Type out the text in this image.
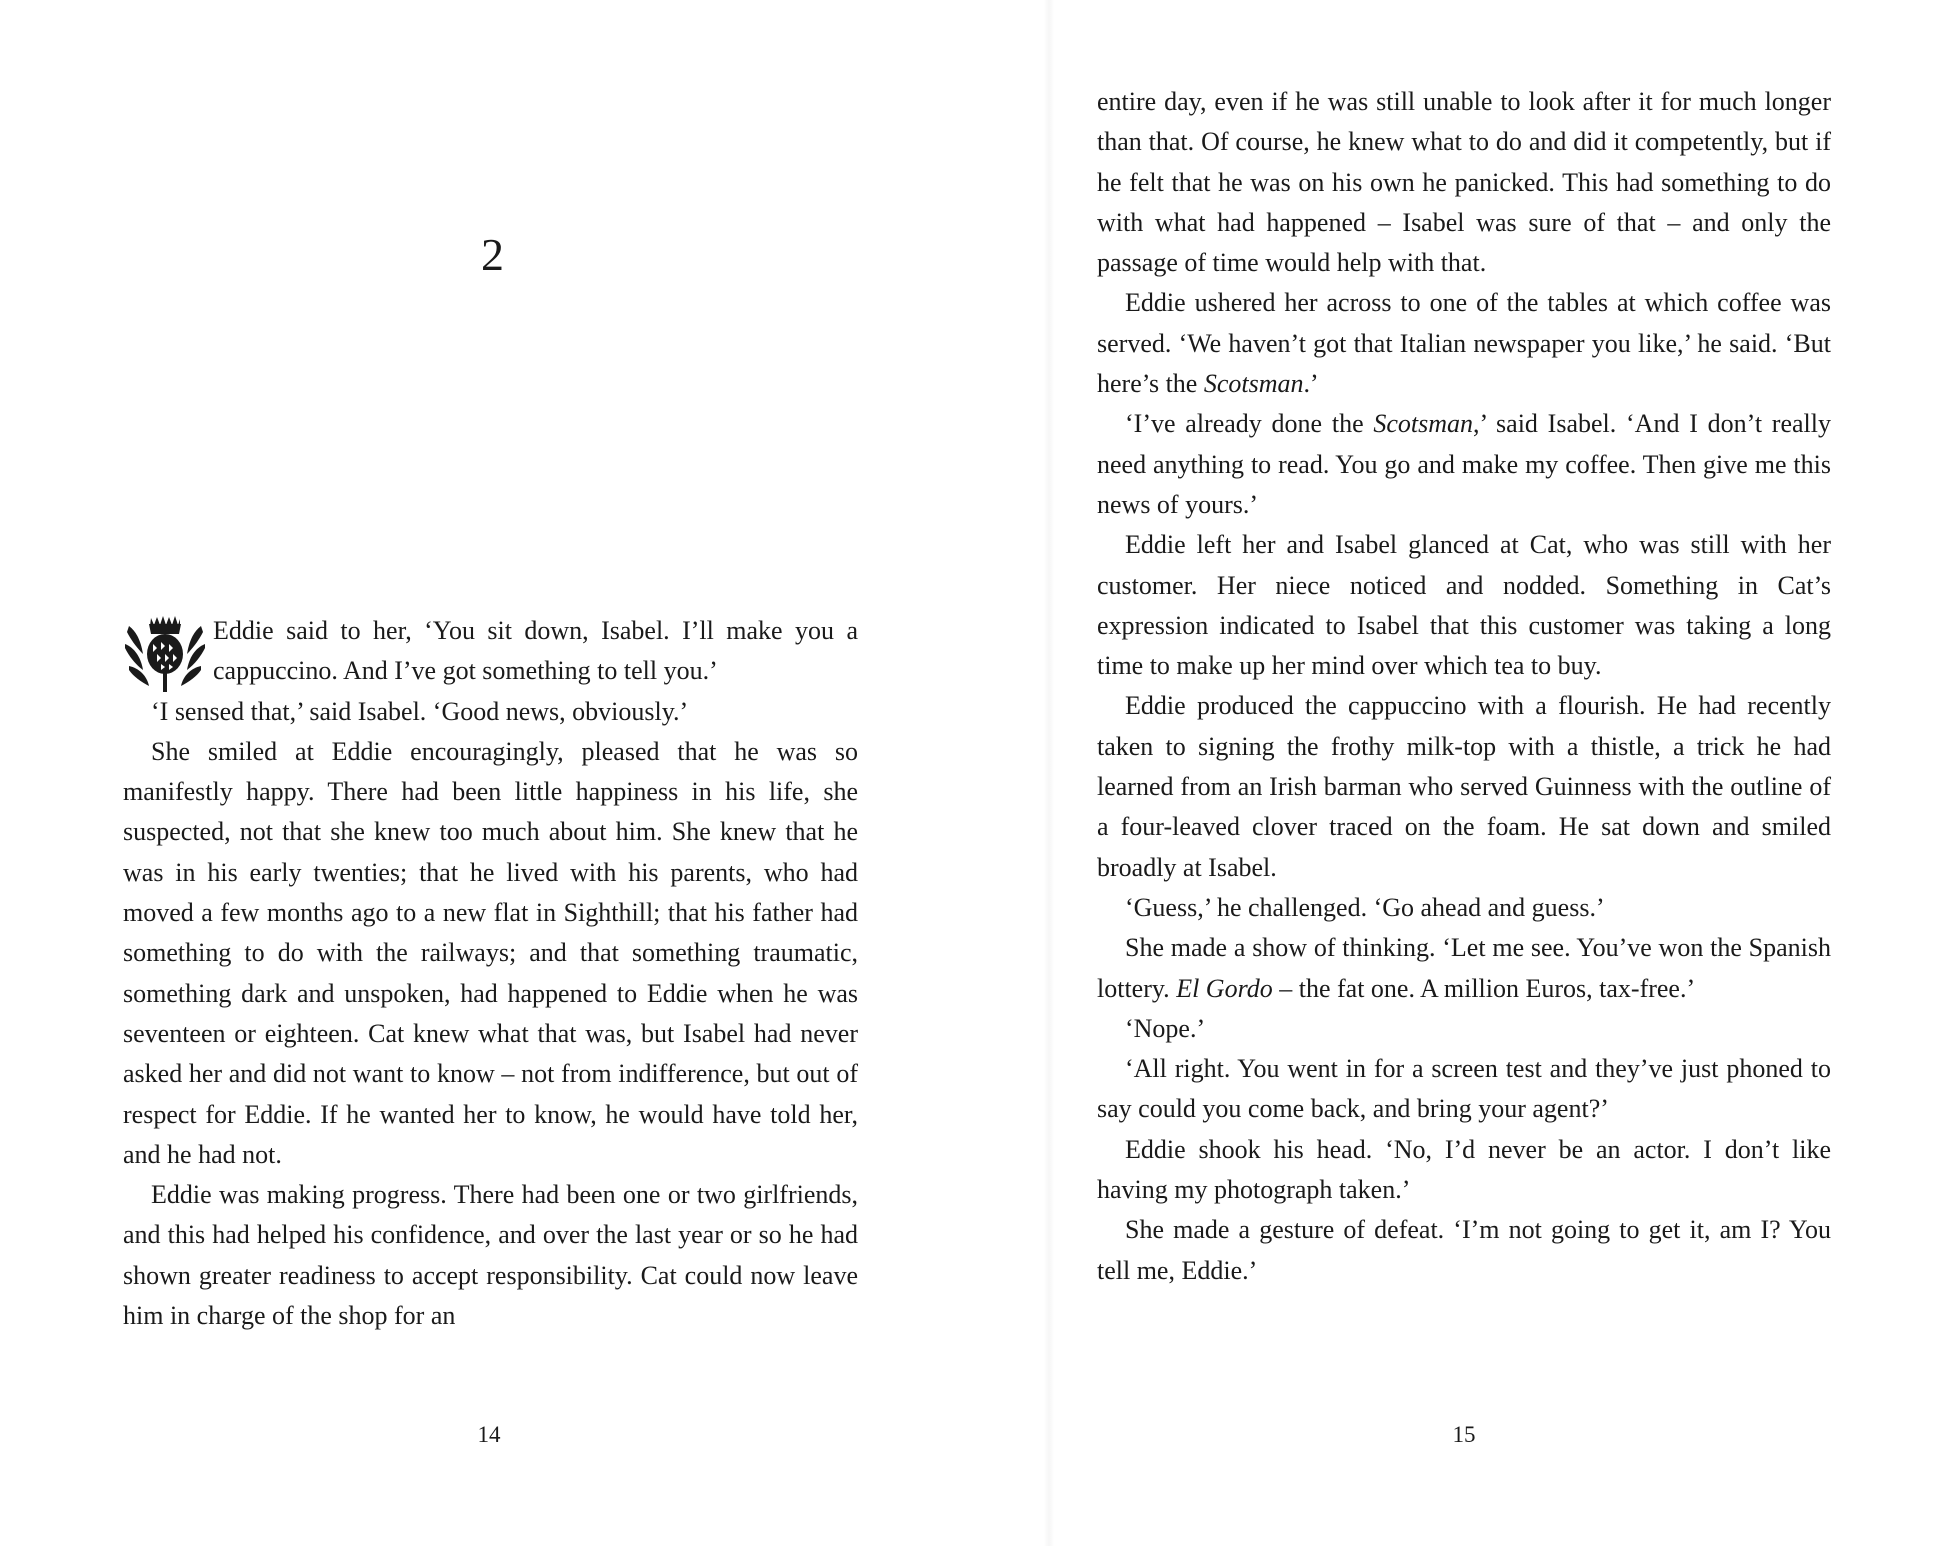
2

Eddie said to her, ‘You sit down, Isabel. I’ll make you a cappuccino. And I’ve got something to tell you.’

‘I sensed that,’ said Isabel. ‘Good news, obviously.’

She smiled at Eddie encouragingly, pleased that he was so manifestly happy. There had been little happiness in his life, she suspected, not that she knew too much about him. She knew that he was in his early twenties; that he lived with his parents, who had moved a few months ago to a new flat in Sighthill; that his father had something to do with the railways; and that something traumatic, something dark and unspoken, had happened to Eddie when he was seventeen or eighteen. Cat knew what that was, but Isabel had never asked her and did not want to know – not from indifference, but out of respect for Eddie. If he wanted her to know, he would have told her, and he had not.

Eddie was making progress. There had been one or two girlfriends, and this had helped his confidence, and over the last year or so he had shown greater readiness to accept responsibility. Cat could now leave him in charge of the shop for an

14

entire day, even if he was still unable to look after it for much longer than that. Of course, he knew what to do and did it competently, but if he felt that he was on his own he panicked. This had something to do with what had happened – Isabel was sure of that – and only the passage of time would help with that.

Eddie ushered her across to one of the tables at which coffee was served. ‘We haven’t got that Italian newspaper you like,’ he said. ‘But here’s the Scotsman.’

‘I’ve already done the Scotsman,’ said Isabel. ‘And I don’t really need anything to read. You go and make my coffee. Then give me this news of yours.’

Eddie left her and Isabel glanced at Cat, who was still with her customer. Her niece noticed and nodded. Something in Cat’s expression indicated to Isabel that this customer was taking a long time to make up her mind over which tea to buy.

Eddie produced the cappuccino with a flourish. He had recently taken to signing the frothy milk-top with a thistle, a trick he had learned from an Irish barman who served Guinness with the outline of a four-leaved clover traced on the foam. He sat down and smiled broadly at Isabel.

‘Guess,’ he challenged. ‘Go ahead and guess.’

She made a show of thinking. ‘Let me see. You’ve won the Spanish lottery. El Gordo – the fat one. A million Euros, tax-free.’

‘Nope.’

‘All right. You went in for a screen test and they’ve just phoned to say could you come back, and bring your agent?’

Eddie shook his head. ‘No, I’d never be an actor. I don’t like having my photograph taken.’

She made a gesture of defeat. ‘I’m not going to get it, am I? You tell me, Eddie.’

15
